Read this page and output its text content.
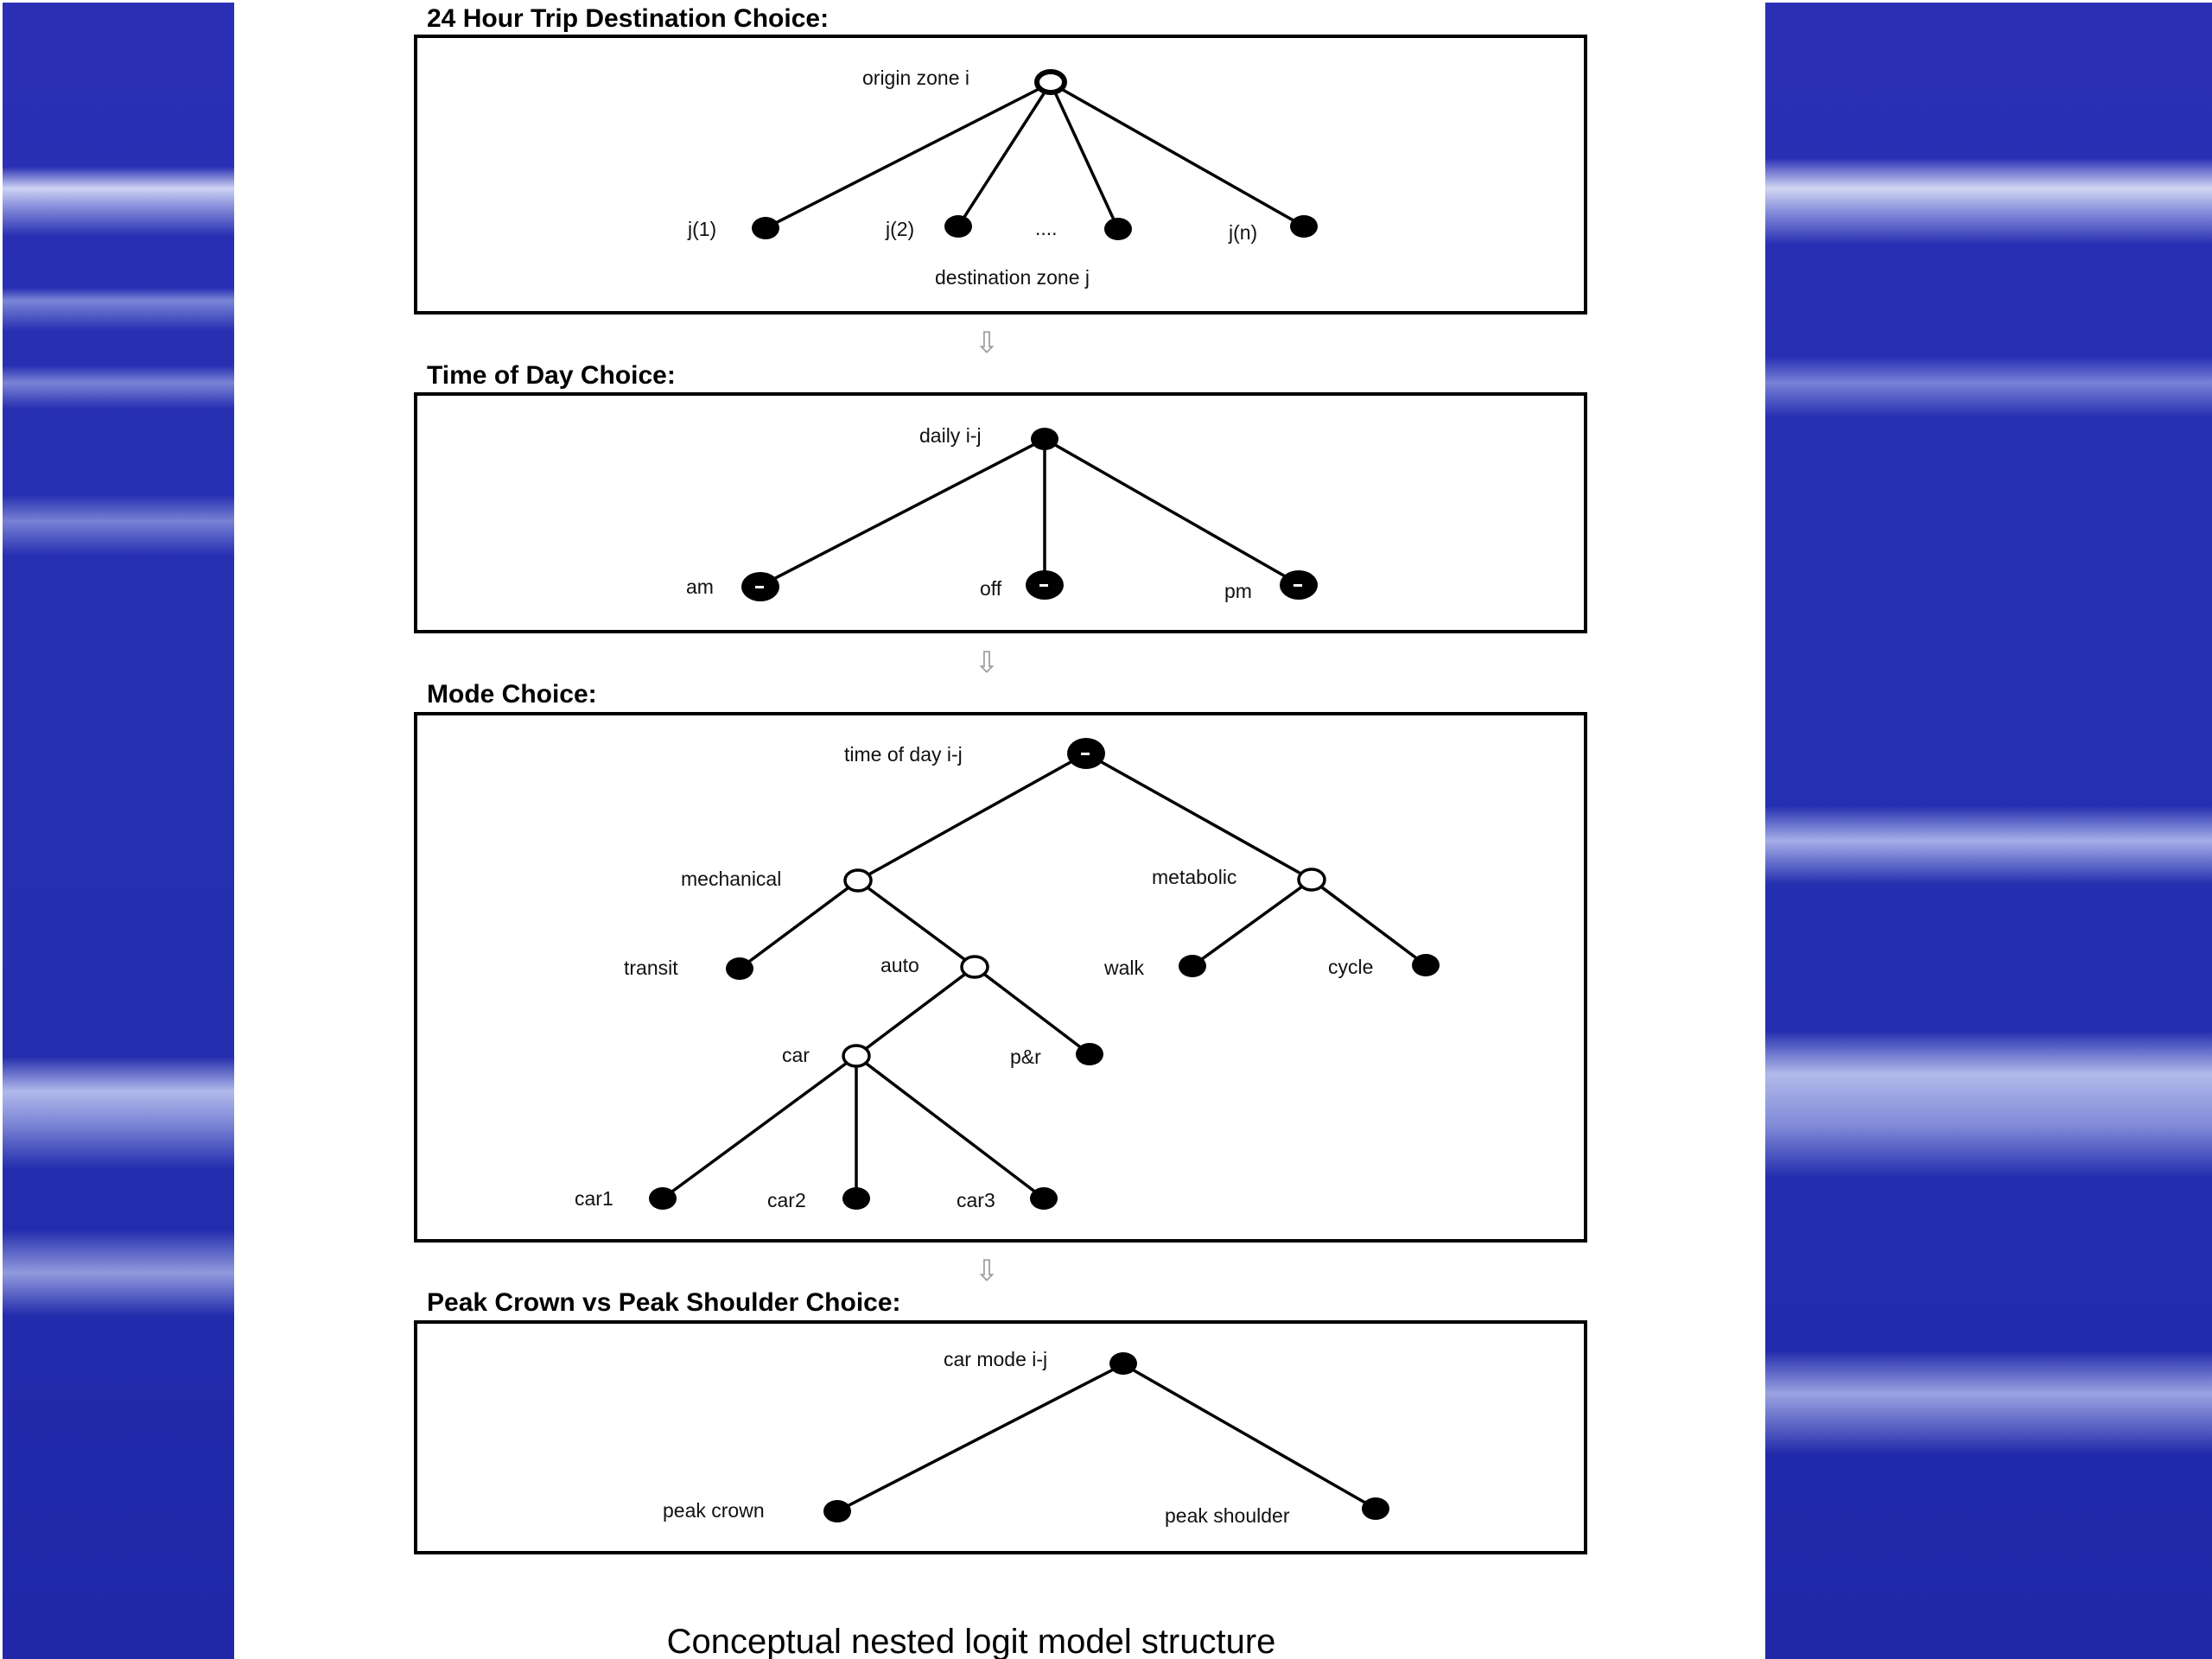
24 Hour Trip Destination Choice:
origin zone i
j(1)	j(2)	....	j(n)
destination zone j
⇩
Time of Day Choice:
daily i-j
am	off	pm
⇩
Mode Choice:
time of day i-j
mechanical	metabolic
transit	auto	walk	cycle
car	p&r
car1	car2	car3
⇩
Peak Crown vs Peak Shoulder Choice:
car mode i-j
peak crown	peak shoulder
Conceptual nested logit model structure
